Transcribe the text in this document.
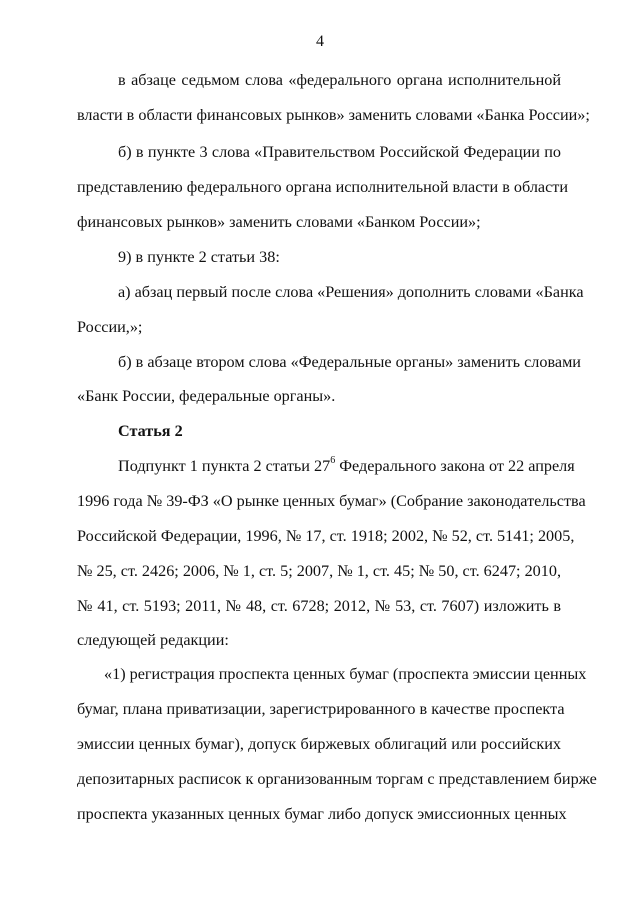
4
в абзаце седьмом слова «федерального органа исполнительной
власти в области финансовых рынков» заменить словами «Банка России»;
б) в пункте 3 слова «Правительством Российской Федерации по
представлению федерального органа исполнительной власти в области
финансовых рынков» заменить словами «Банком России»;
9) в пункте 2 статьи 38:
а) абзац первый после слова «Решения» дополнить словами «Банка
России,»;
б) в абзаце втором слова «Федеральные органы» заменить словами
«Банк России, федеральные органы».
Статья 2
Подпункт 1 пункта 2 статьи $27^6$ Федерального закона от 22 апреля
1996 года № 39-ФЗ «О рынке ценных бумаг» (Собрание законодательства
Российской Федерации, 1996, № 17, ст. 1918; 2002, № 52, ст. 5141; 2005,
№ 25, ст. 2426; 2006, № 1, ст. 5; 2007, № 1, ст. 45; № 50, ст. 6247; 2010,
№ 41, ст. 5193; 2011, № 48, ст. 6728; 2012, № 53, ст. 7607) изложить в
следующей редакции:
«1) регистрация проспекта ценных бумаг (проспекта эмиссии ценных
бумаг, плана приватизации, зарегистрированного в качестве проспекта
эмиссии ценных бумаг), допуск биржевых облигаций или российских
депозитарных расписок к организованным торгам с представлением бирже
проспекта указанных ценных бумаг либо допуск эмиссионных ценных
